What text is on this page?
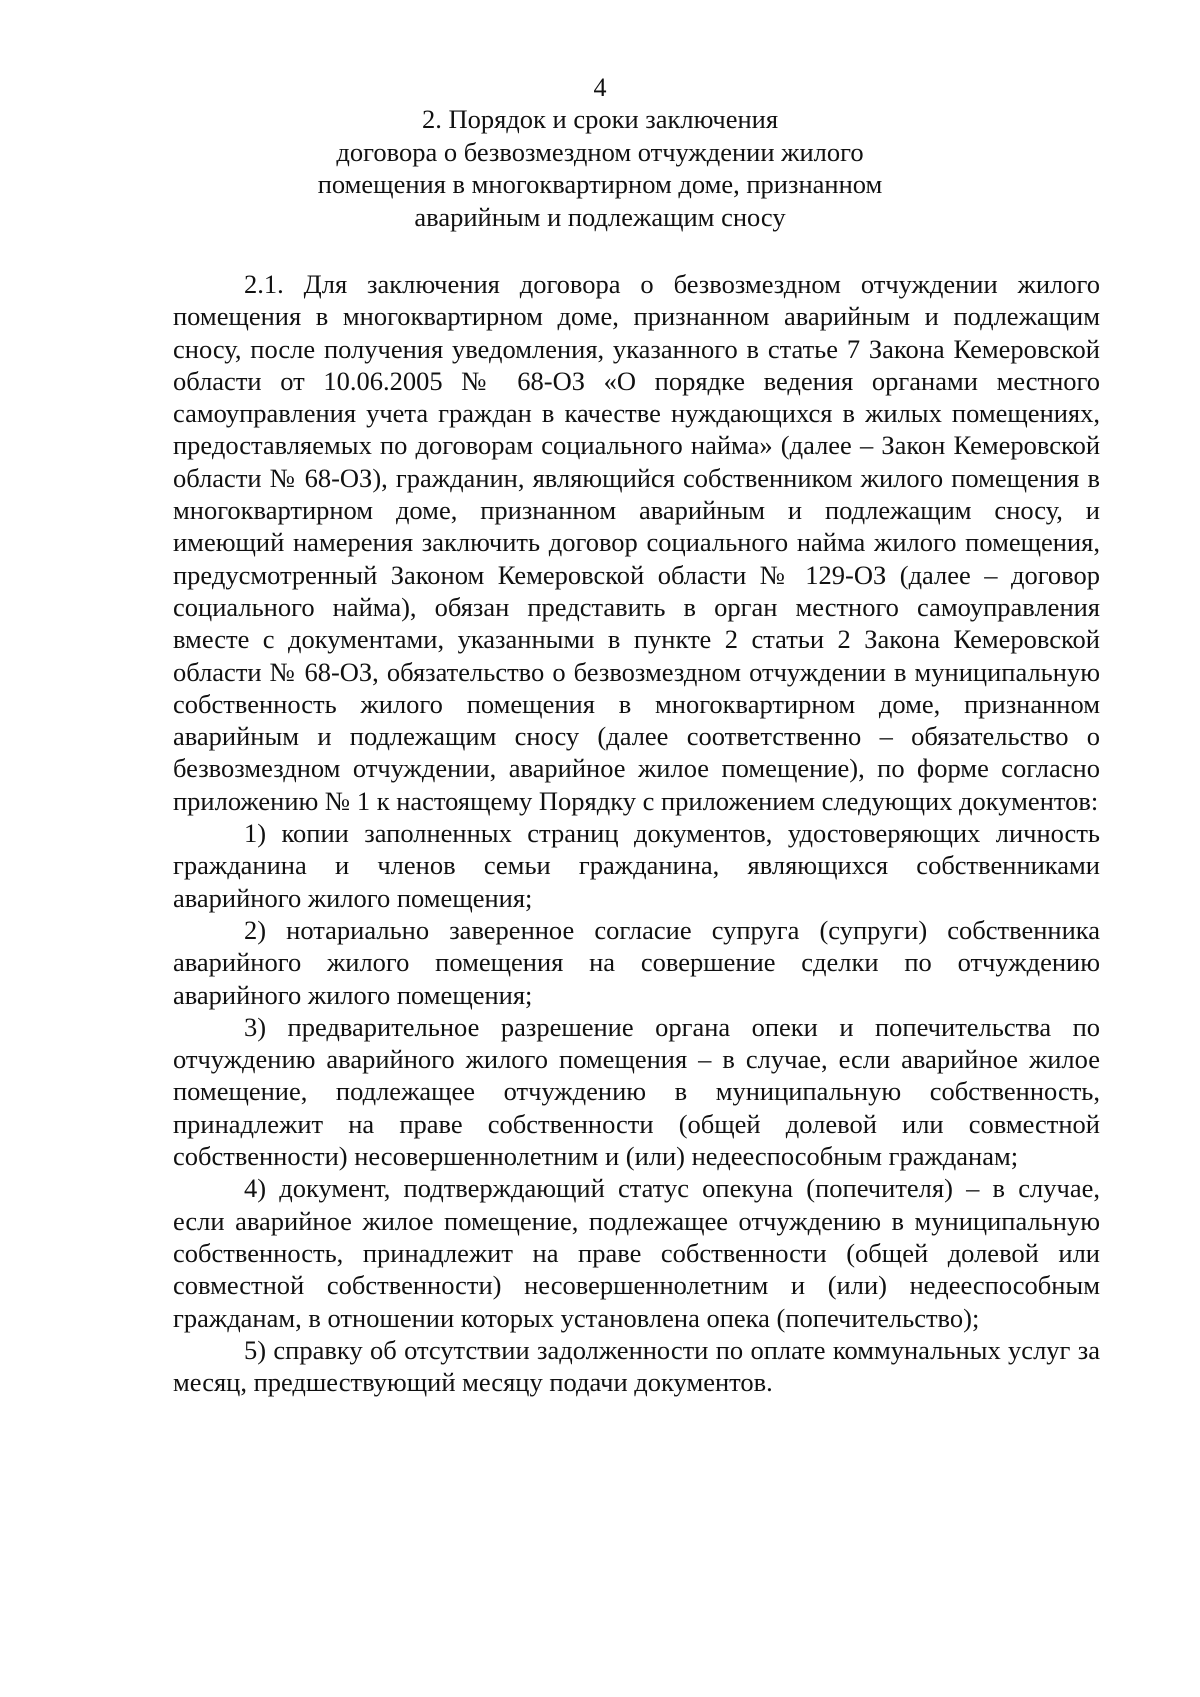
4
2. Порядок и сроки заключения
договора о безвозмездном отчуждении жилого
помещения в многоквартирном доме, признанном
аварийным и подлежащим сносу

2.1. Для заключения договора о безвозмездном отчуждении жилого помещения в многоквартирном доме, признанном аварийным и подлежащим сносу, после получения уведомления, указанного в статье 7 Закона Кемеровской области от 10.06.2005 № 68-ОЗ «О порядке ведения органами местного самоуправления учета граждан в качестве нуждающихся в жилых помещениях, предоставляемых по договорам социального найма» (далее – Закон Кемеровской области № 68-ОЗ), гражданин, являющийся собственником жилого помещения в многоквартирном доме, признанном аварийным и подлежащим сносу, и имеющий намерения заключить договор социального найма жилого помещения, предусмотренный Законом Кемеровской области № 129-ОЗ (далее – договор социального найма), обязан представить в орган местного самоуправления вместе с документами, указанными в пункте 2 статьи 2 Закона Кемеровской области № 68-ОЗ, обязательство о безвозмездном отчуждении в муниципальную собственность жилого помещения в многоквартирном доме, признанном аварийным и подлежащим сносу (далее соответственно – обязательство о безвозмездном отчуждении, аварийное жилое помещение), по форме согласно приложению № 1 к настоящему Порядку с приложением следующих документов:

1) копии заполненных страниц документов, удостоверяющих личность гражданина и членов семьи гражданина, являющихся собственниками аварийного жилого помещения;

2) нотариально заверенное согласие супруга (супруги) собственника аварийного жилого помещения на совершение сделки по отчуждению аварийного жилого помещения;

3) предварительное разрешение органа опеки и попечительства по отчуждению аварийного жилого помещения – в случае, если аварийное жилое помещение, подлежащее отчуждению в муниципальную собственность, принадлежит на праве собственности (общей долевой или совместной собственности) несовершеннолетним и (или) недееспособным гражданам;

4) документ, подтверждающий статус опекуна (попечителя) – в случае, если аварийное жилое помещение, подлежащее отчуждению в муниципальную собственность, принадлежит на праве собственности (общей долевой или совместной собственности) несовершеннолетним и (или) недееспособным гражданам, в отношении которых установлена опека (попечительство);

5) справку об отсутствии задолженности по оплате коммунальных услуг за месяц, предшествующий месяцу подачи документов.
